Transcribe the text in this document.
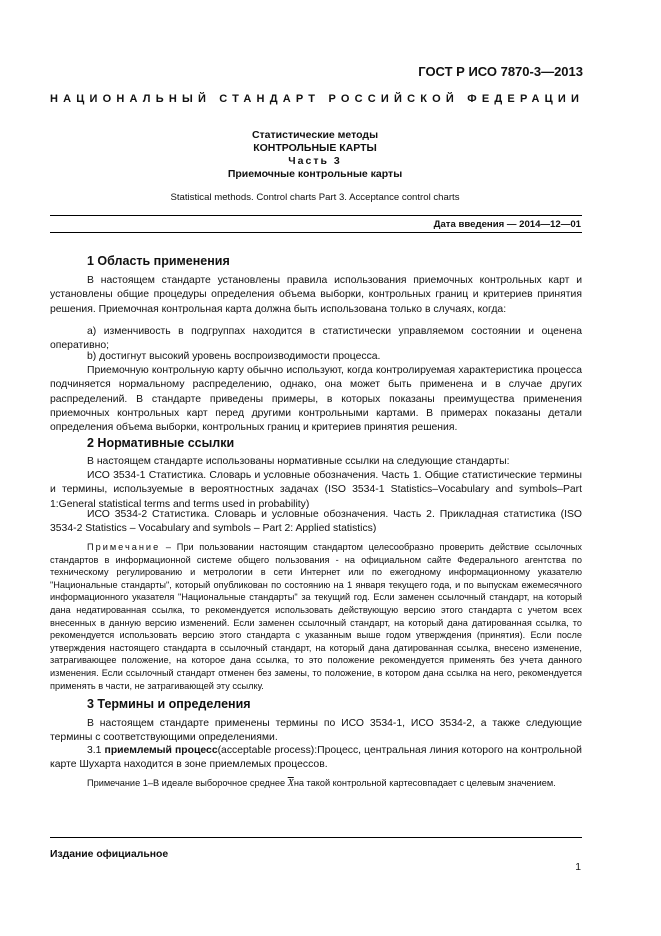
ГОСТ Р ИСО 7870-3—2013
НАЦИОНАЛЬНЫЙ СТАНДАРТ РОССИЙСКОЙ ФЕДЕРАЦИИ
Статистические методы
КОНТРОЛЬНЫЕ КАРТЫ
Часть 3
Приемочные контрольные карты
Statistical methods. Control charts Part 3. Acceptance control charts
Дата введения — 2014—12—01
1 Область применения
В настоящем стандарте установлены правила использования приемочных контрольных карт и установлены общие процедуры определения объема выборки, контрольных границ и критериев принятия решения. Приемочная контрольная карта должна быть использована только в случаях, когда:
а) изменчивость в подгруппах находится в статистически управляемом состоянии и оценена оперативно;
b) достигнут высокий уровень воспроизводимости процесса.
Приемочную контрольную карту обычно используют, когда контролируемая характеристика процесса подчиняется нормальному распределению, однако, она может быть применена и в случае других распределений. В стандарте приведены примеры, в которых показаны преимущества применения приемочных контрольных карт перед другими контрольными картами. В примерах показаны детали определения объема выборки, контрольных границ и критериев принятия решения.
2 Нормативные ссылки
В настоящем стандарте использованы нормативные ссылки на следующие стандарты:
ИСО 3534-1 Статистика. Словарь и условные обозначения. Часть 1. Общие статистические термины и термины, используемые в вероятностных задачах (ISO 3534-1 Statistics–Vocabulary and symbols–Part 1:General statistical terms and terms used in probability)
ИСО 3534-2 Статистика. Словарь и условные обозначения. Часть 2. Прикладная статистика (ISO 3534-2 Statistics – Vocabulary and symbols – Part 2: Applied statistics)
Примечание – При пользовании настоящим стандартом целесообразно проверить действие ссылочных стандартов в информационной системе общего пользования - на официальном сайте Федерального агентства по техническому регулированию и метрологии в сети Интернет или по ежегодному информационному указателю "Национальные стандарты", который опубликован по состоянию на 1 января текущего года, и по выпускам ежемесячного информационного указателя "Национальные стандарты" за текущий год. Если заменен ссылочный стандарт, на который дана недатированная ссылка, то рекомендуется использовать действующую версию этого стандарта с учетом всех внесенных в данную версию изменений. Если заменен ссылочный стандарт, на который дана датированная ссылка, то рекомендуется использовать версию этого стандарта с указанным выше годом утверждения (принятия). Если после утверждения настоящего стандарта в ссылочный стандарт, на который дана датированная ссылка, внесено изменение, затрагивающее положение, на которое дана ссылка, то это положение рекомендуется применять без учета данного изменения. Если ссылочный стандарт отменен без замены, то положение, в котором дана ссылка на него, рекомендуется применять в части, не затрагивающей эту ссылку.
3 Термины и определения
В настоящем стандарте применены термины по ИСО 3534-1, ИСО 3534-2, а также следующие термины с соответствующими определениями.
3.1 приемлемый процесс(acceptable process):Процесс, центральная линия которого на контрольной карте Шухарта находится в зоне приемлемых процессов.
Примечание 1–В идеале выборочное среднее $\overline{X}на$ такой контрольной картесовпадает с целевым значением.
Издание официальное
1
